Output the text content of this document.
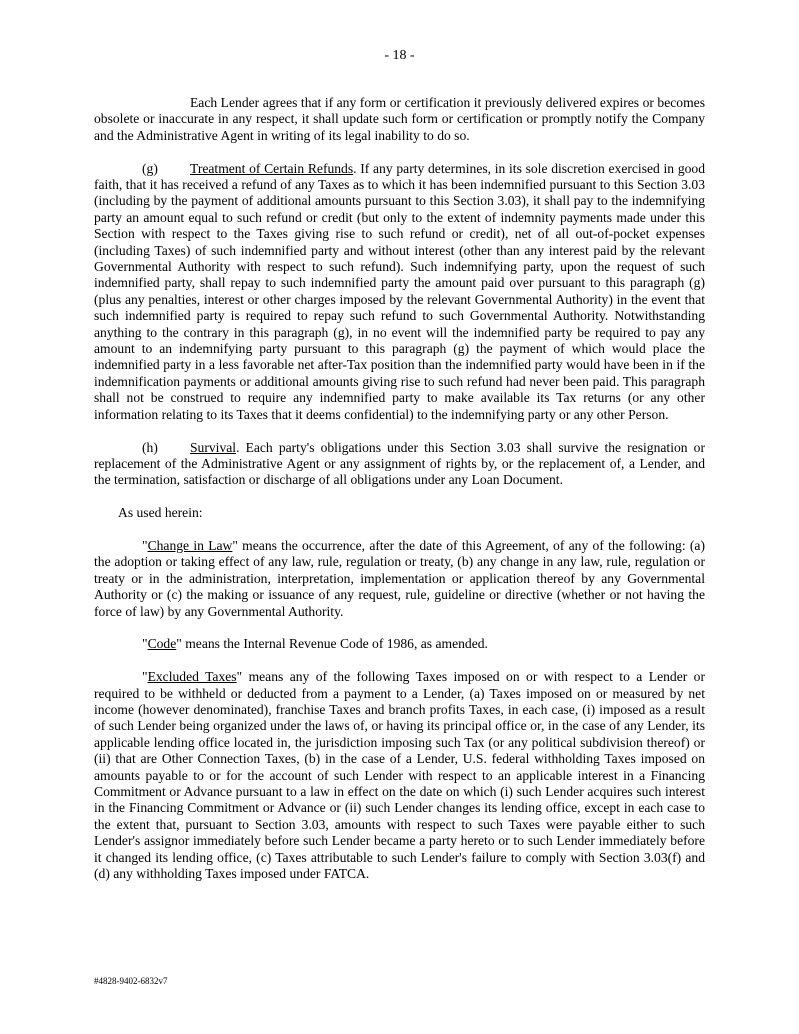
- 18 -

Each Lender agrees that if any form or certification it previously delivered expires or becomes obsolete or inaccurate in any respect, it shall update such form or certification or promptly notify the Company and the Administrative Agent in writing of its legal inability to do so.

(g) Treatment of Certain Refunds. If any party determines, in its sole discretion exercised in good faith, that it has received a refund of any Taxes as to which it has been indemnified pursuant to this Section 3.03 (including by the payment of additional amounts pursuant to this Section 3.03), it shall pay to the indemnifying party an amount equal to such refund or credit (but only to the extent of indemnity payments made under this Section with respect to the Taxes giving rise to such refund or credit), net of all out-of-pocket expenses (including Taxes) of such indemnified party and without interest (other than any interest paid by the relevant Governmental Authority with respect to such refund). Such indemnifying party, upon the request of such indemnified party, shall repay to such indemnified party the amount paid over pursuant to this paragraph (g) (plus any penalties, interest or other charges imposed by the relevant Governmental Authority) in the event that such indemnified party is required to repay such refund to such Governmental Authority. Notwithstanding anything to the contrary in this paragraph (g), in no event will the indemnified party be required to pay any amount to an indemnifying party pursuant to this paragraph (g) the payment of which would place the indemnified party in a less favorable net after-Tax position than the indemnified party would have been in if the indemnification payments or additional amounts giving rise to such refund had never been paid. This paragraph shall not be construed to require any indemnified party to make available its Tax returns (or any other information relating to its Taxes that it deems confidential) to the indemnifying party or any other Person.

(h) Survival. Each party's obligations under this Section 3.03 shall survive the resignation or replacement of the Administrative Agent or any assignment of rights by, or the replacement of, a Lender, and the termination, satisfaction or discharge of all obligations under any Loan Document.

As used herein:

"Change in Law" means the occurrence, after the date of this Agreement, of any of the following: (a) the adoption or taking effect of any law, rule, regulation or treaty, (b) any change in any law, rule, regulation or treaty or in the administration, interpretation, implementation or application thereof by any Governmental Authority or (c) the making or issuance of any request, rule, guideline or directive (whether or not having the force of law) by any Governmental Authority.

"Code" means the Internal Revenue Code of 1986, as amended.

"Excluded Taxes" means any of the following Taxes imposed on or with respect to a Lender or required to be withheld or deducted from a payment to a Lender, (a) Taxes imposed on or measured by net income (however denominated), franchise Taxes and branch profits Taxes, in each case, (i) imposed as a result of such Lender being organized under the laws of, or having its principal office or, in the case of any Lender, its applicable lending office located in, the jurisdiction imposing such Tax (or any political subdivision thereof) or (ii) that are Other Connection Taxes, (b) in the case of a Lender, U.S. federal withholding Taxes imposed on amounts payable to or for the account of such Lender with respect to an applicable interest in a Financing Commitment or Advance pursuant to a law in effect on the date on which (i) such Lender acquires such interest in the Financing Commitment or Advance or (ii) such Lender changes its lending office, except in each case to the extent that, pursuant to Section 3.03, amounts with respect to such Taxes were payable either to such Lender's assignor immediately before such Lender became a party hereto or to such Lender immediately before it changed its lending office, (c) Taxes attributable to such Lender's failure to comply with Section 3.03(f) and (d) any withholding Taxes imposed under FATCA.

#4828-9402-6832v7
